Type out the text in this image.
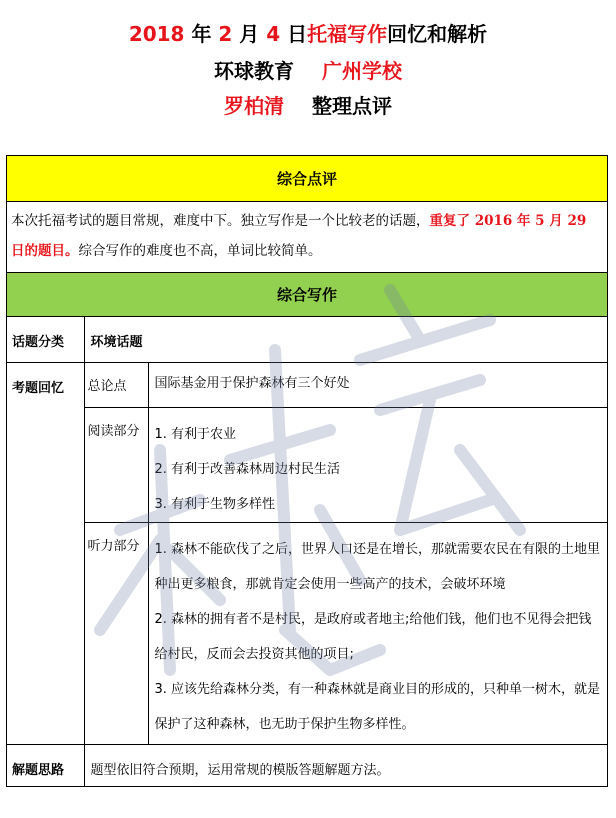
2018 年 2 月 4 日托福写作回忆和解析
环球教育 广州学校
罗柏清 整理点评
综合点评
本次托福考试的题目常规，难度中下。独立写作是一个比较老的话题，重复了 2016 年 5 月 29 日的题目。综合写作的难度也不高，单词比较简单。
综合写作
话题分类	环境话题	
考题回忆	总论点	国际基金用于保护森林有三个好处
	阅读部分	1. 有利于农业
2. 有利于改善森林周边村民生活
3. 有利于生物多样性

	听力部分	1. 森林不能砍伐了之后，世界人口还是在增长，那就需要农民在有限的土地里种出更多粮食，那就肯定会使用一些高产的技术，会破坏环境
2. 森林的拥有者不是村民，是政府或者地主;给他们钱，他们也不见得会把钱给村民，反而会去投资其他的项目;
3. 应该先给森林分类，有一种森林就是商业目的形成的，只种单一树木，就是保护了这种森林，也无助于保护生物多样性。

解题思路	题型依旧符合预期，运用常规的模版答题解题方法。	
